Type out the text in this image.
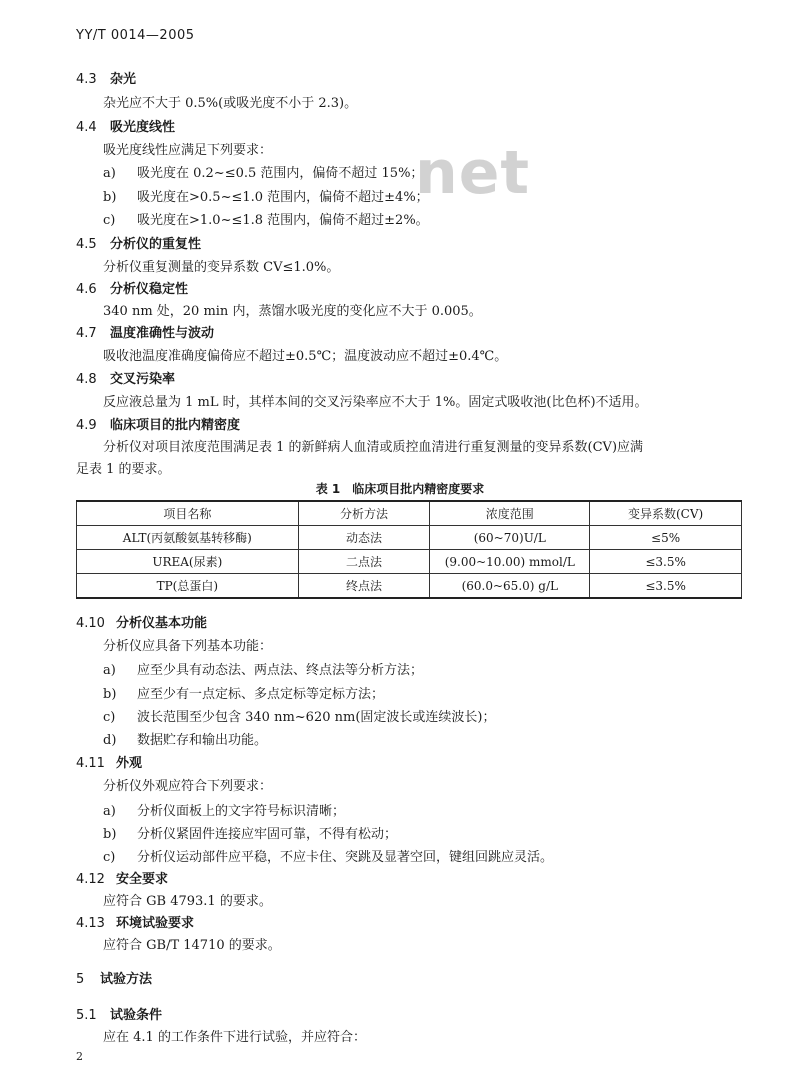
YY/T 0014—2005
net
4.3 杂光
杂光应不大于 0.5%(或吸光度不小于 2.3)。
4.4 吸光度线性
吸光度线性应满足下列要求：
a) 吸光度在 0.2~≤0.5 范围内，偏倚不超过 15%；
b) 吸光度在>0.5~≤1.0 范围内，偏倚不超过±4%；
c) 吸光度在>1.0~≤1.8 范围内，偏倚不超过±2%。
4.5 分析仪的重复性
分析仪重复测量的变异系数 CV≤1.0%。
4.6 分析仪稳定性
340 nm 处，20 min 内，蒸馏水吸光度的变化应不大于 0.005。
4.7 温度准确性与波动
吸收池温度准确度偏倚应不超过±0.5℃；温度波动应不超过±0.4℃。
4.8 交叉污染率
反应液总量为 1 mL 时，其样本间的交叉污染率应不大于 1%。固定式吸收池(比色杯)不适用。
4.9 临床项目的批内精密度
分析仪对项目浓度范围满足表 1 的新鲜病人血清或质控血清进行重复测量的变异系数(CV)应满
足表 1 的要求。
表 1　临床项目批内精密度要求
项目名称	分析方法	浓度范围	变异系数(CV)
ALT(丙氨酸氨基转移酶)	动态法	(60~70)U/L	≤5%
UREA(尿素)	二点法	(9.00~10.00) mmol/L	≤3.5%
TP(总蛋白)	终点法	(60.0~65.0) g/L	≤3.5%
4.10 分析仪基本功能
分析仪应具备下列基本功能：
a) 应至少具有动态法、两点法、终点法等分析方法；
b) 应至少有一点定标、多点定标等定标方法；
c) 波长范围至少包含 340 nm~620 nm(固定波长或连续波长)；
d) 数据贮存和输出功能。
4.11 外观
分析仪外观应符合下列要求：
a) 分析仪面板上的文字符号标识清晰；
b) 分析仪紧固件连接应牢固可靠，不得有松动；
c) 分析仪运动部件应平稳，不应卡住、突跳及显著空回，键组回跳应灵活。
4.12 安全要求
应符合 GB 4793.1 的要求。
4.13 环境试验要求
应符合 GB/T 14710 的要求。
5 试验方法
5.1 试验条件
应在 4.1 的工作条件下进行试验，并应符合：
2
